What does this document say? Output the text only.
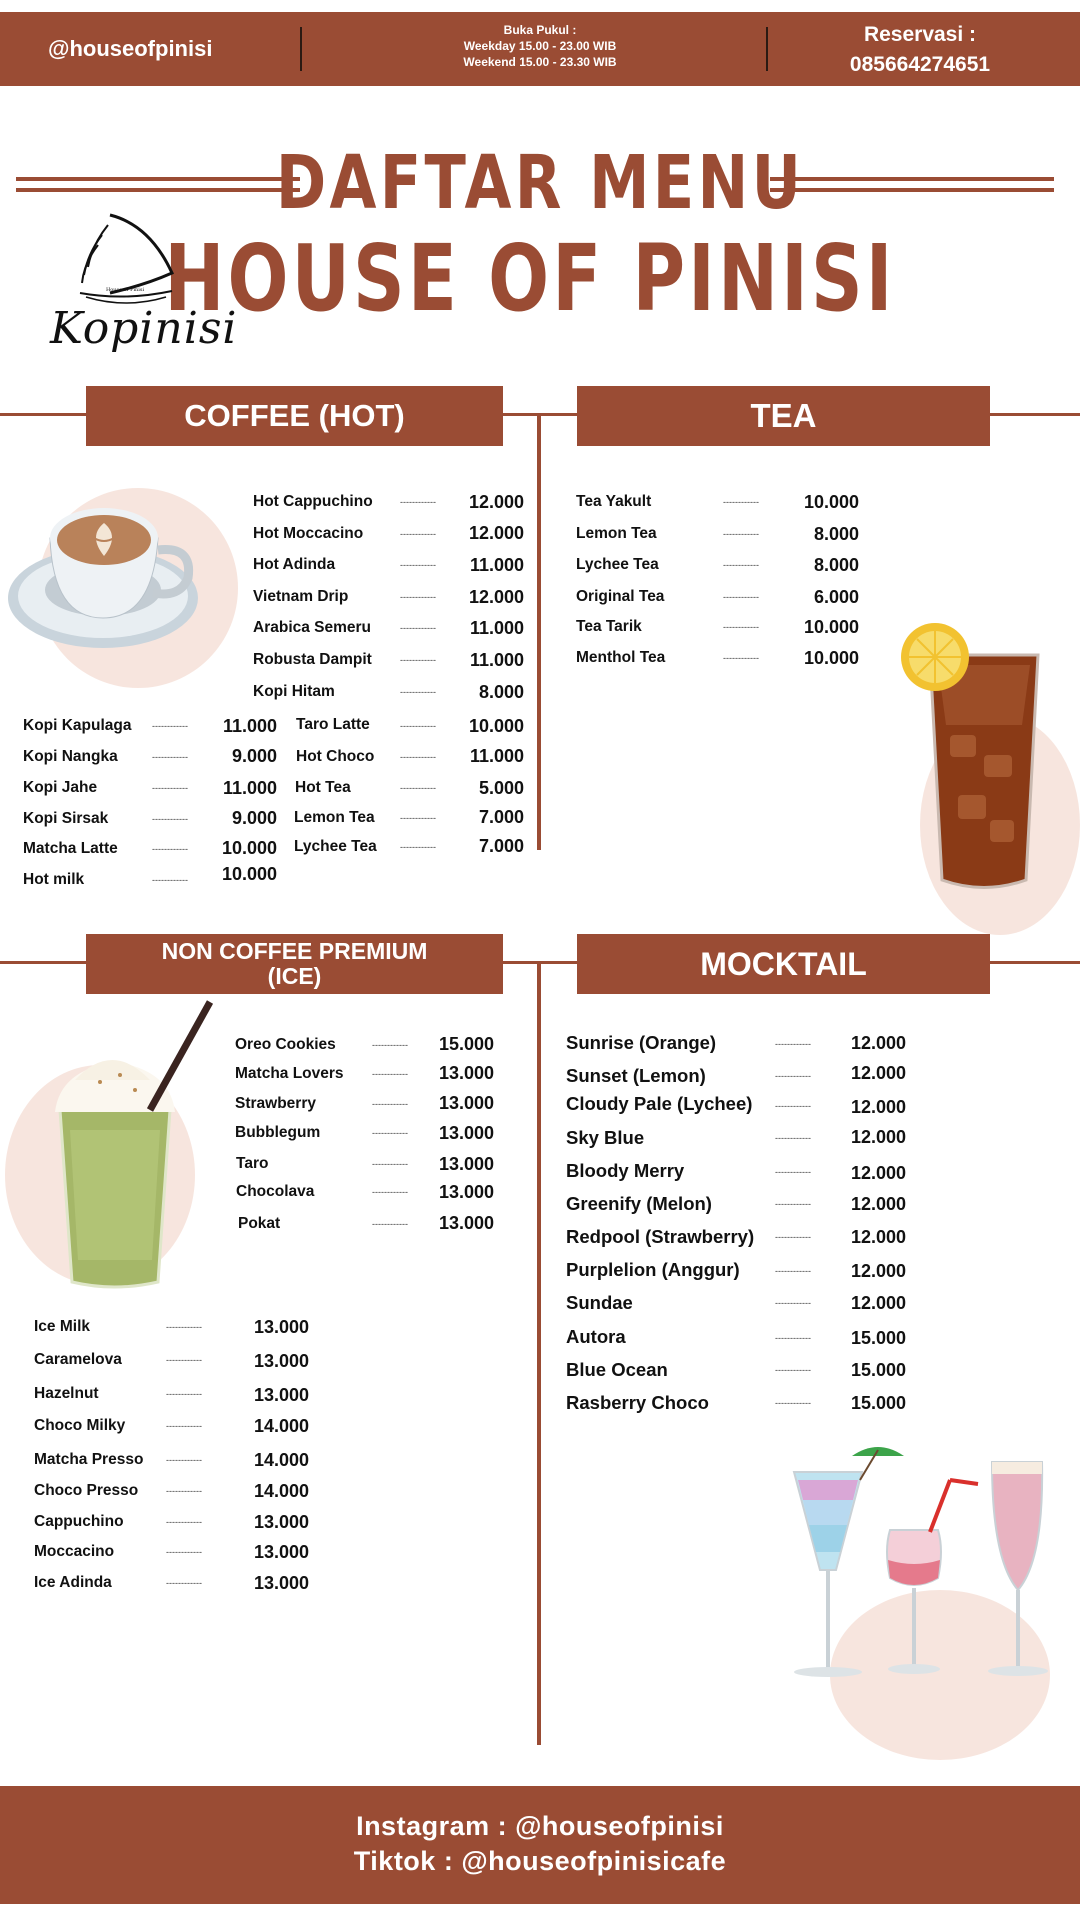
@houseofpinisi
Buka Pukul :
Weekday 15.00 - 23.00 WIB
Weekend 15.00 - 23.30 WIB
Reservasi :
085664274651
DAFTAR MENU
HOUSE OF PINISI
House of Pinisi
Kopinisi
COFFEE (HOT)
Hot Cappuchino	------------	12.000
Hot Moccacino	------------	12.000
Hot Adinda	------------	11.000
Vietnam Drip	------------	12.000
Arabica Semeru	------------	11.000
Robusta Dampit	------------	11.000
Kopi Hitam	------------	8.000
Kopi Kapulaga ------------	11.000
Kopi Nangka	------------	9.000
Kopi Jahe	------------	11.000
Kopi Sirsak	------------	9.000
Matcha Latte	------------	10.000
Hot milk	------------	10.000
Taro Latte	------------	10.000
Hot Choco	------------	11.000
Hot Tea	------------	5.000
Lemon Tea	------------	7.000
Lychee Tea	------------	7.000
TEA
Tea Yakult	------------	10.000
Lemon Tea	------------	8.000
Lychee Tea	------------	8.000
Original Tea	------------	6.000
Tea Tarik	------------	10.000
Menthol Tea	------------	10.000
NON COFFEE PREMIUM
(ICE)
Oreo Cookies	------------	15.000
Matcha Lovers	------------	13.000
Strawberry	------------	13.000
Bubblegum	------------	13.000
Taro	------------	13.000
Chocolava	------------	13.000
Pokat	------------	13.000
Ice Milk	------------	13.000
Caramelova	------------	13.000
Hazelnut	------------	13.000
Choco Milky	------------	14.000
Matcha Presso	------------	14.000
Choco Presso	------------	14.000
Cappuchino	------------	13.000
Moccacino	------------	13.000
Ice Adinda	------------	13.000
MOCKTAIL
Sunrise (Orange)	------------	12.000
Sunset (Lemon)	------------	12.000
Cloudy Pale (Lychee)	------------	12.000
Sky Blue	------------	12.000
Bloody Merry	------------	12.000
Greenify (Melon)	------------	12.000
Redpool (Strawberry) ------------	12.000
Purplelion (Anggur)	------------	12.000
Sundae	------------	12.000
Autora	------------	15.000
Blue Ocean	------------	15.000
Rasberry Choco	------------	15.000
Instagram : @houseofpinisi
Tiktok : @houseofpinisicafe
